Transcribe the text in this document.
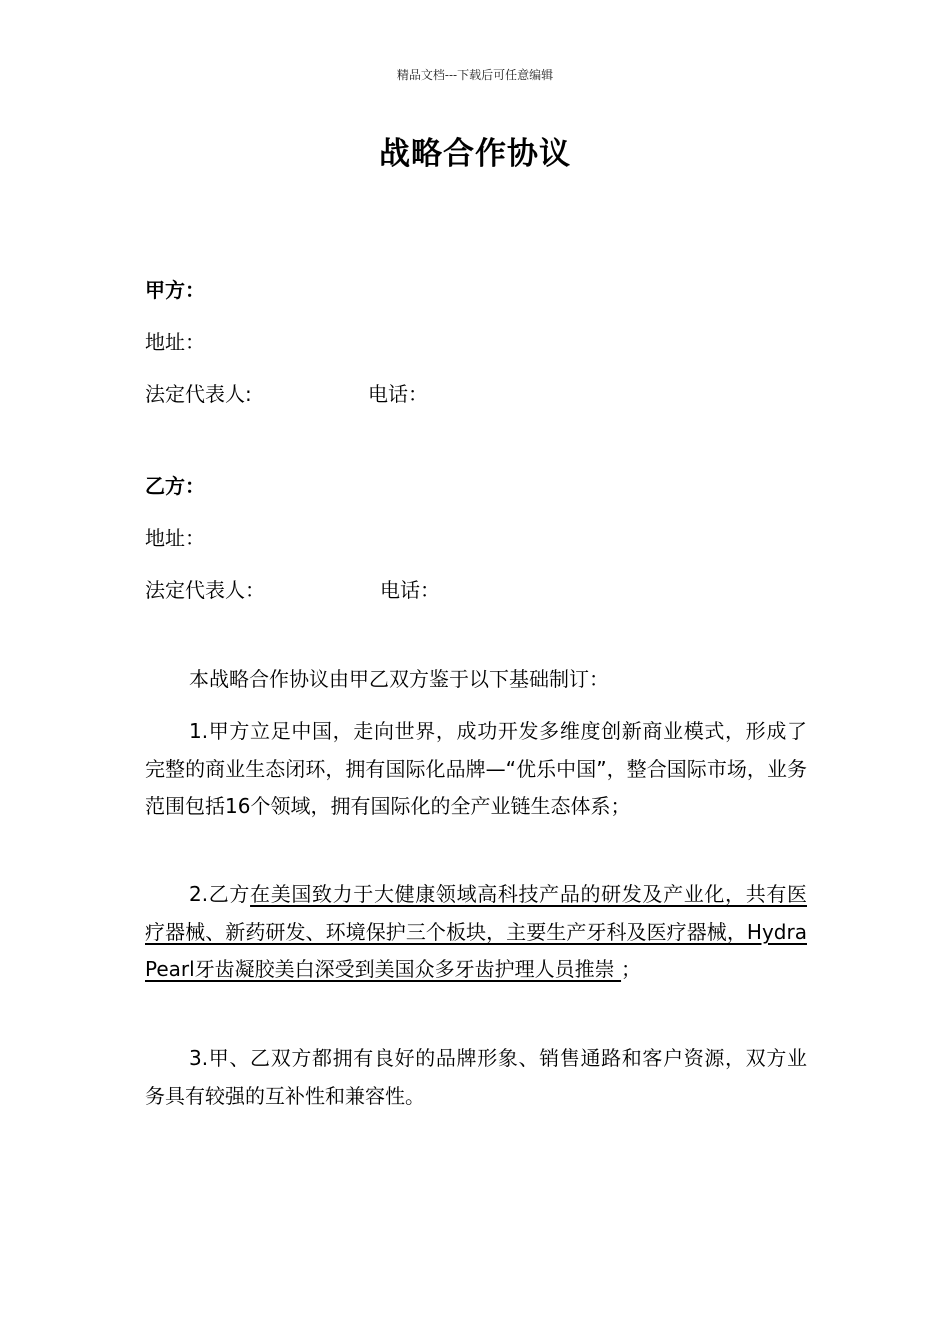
精品文档---下载后可任意编辑
战略合作协议
甲方：
地址：
法定代表人:	电话：
乙方：
地址：
法定代表人：	电话：
本战略合作协议由甲乙双方鉴于以下基础制订：
1.甲方立足中国，走向世界，成功开发多维度创新商业模式，形成了完整的商业生态闭环，拥有国际化品牌—“优乐中国”，整合国际市场，业务范围包括16个领域，拥有国际化的全产业链生态体系；
2.乙方在美国致力于大健康领域高科技产品的研发及产业化，共有医疗器械、新药研发、环境保护三个板块，主要生产牙科及医疗器械，Hydra Pearl牙齿凝胶美白深受到美国众多牙齿护理人员推崇 ；
3.甲、乙双方都拥有良好的品牌形象、销售通路和客户资源，双方业务具有较强的互补性和兼容性。
